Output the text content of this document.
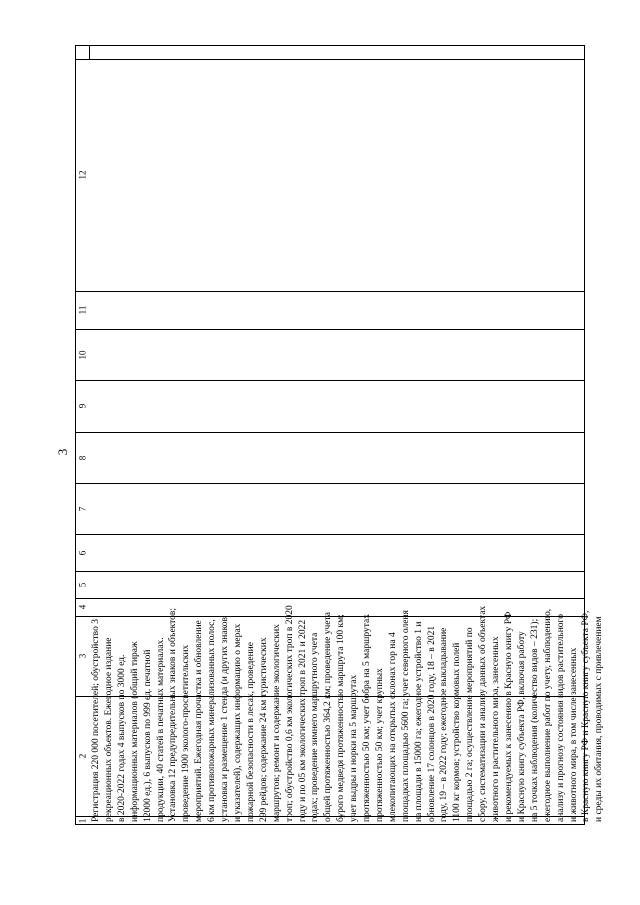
3
1
2
3
4
5
6
7
8
9
10
11
12

Регистрация 220 000 посетителей; обустройство 3 рекреационных объектов. Ежегодное издание в 2020-2022 годах 4 выпусков по 3000 ед. информационных материалов (общий тираж 12000 ед.), 6 выпусков по 999 ед. печатной продукции, 40 статей в печатных материалах. Установка 12 предупредительных знаков и объектов; проведение 1900 эколого-просветительских мероприятий. Ежегодная прочистка и обновление 6 км противопожарных минерализованных полос, установка и размещение 1 стенда (и других знаков и указателей), содержащих информацию о мерах пожарной безопасности в лесах, проведение 299 рейдов; содержание 24 км туристических маршрутов; ремонт и содержание экологических троп; обустройство 0,6 км экологических троп в 2020 году и по 05 км экологических троп в 2021 и 2022 годах; проведение зимнего маршрутного учета общей протяженностью 364,2 км; проведение учета бурого медведя протяженностью маршрута 100 км; учет выдры и норки на 5 маршрутах протяженностью 50 км; учет бобра на 5 маршрутах протяженностью 50 км; учет крупных млекопитающих на открытых склонах гор на 4 площадках площадью 5600 га; учет северного оленя на площади в 15000 га; ежегодное устройство 1 и обновление 17 солонцов в 2020 году, 18 – в 2021 году, 19 – в 2022 году; ежегодное выкладывание 1100 кг кормов; устройство кормовых полей площадью 2 га; осуществление мероприятий по сбору, систематизации и анализу данных об объектах животного и растительного мира, занесенных и рекомендуемых к занесению в Красную книгу РФ и Красную книгу субъекта РФ, включая работу на 5 точках наблюдения (количество видов – 231); ежегодное выполнение работ по учету, наблюдению, анализу и прогнозу состояния видов растительного и животного мира, в том числе занесенных в Красную книгу РФ и Красную книгу субъекта РФ, и среды их обитания, проводимых с привлечением
